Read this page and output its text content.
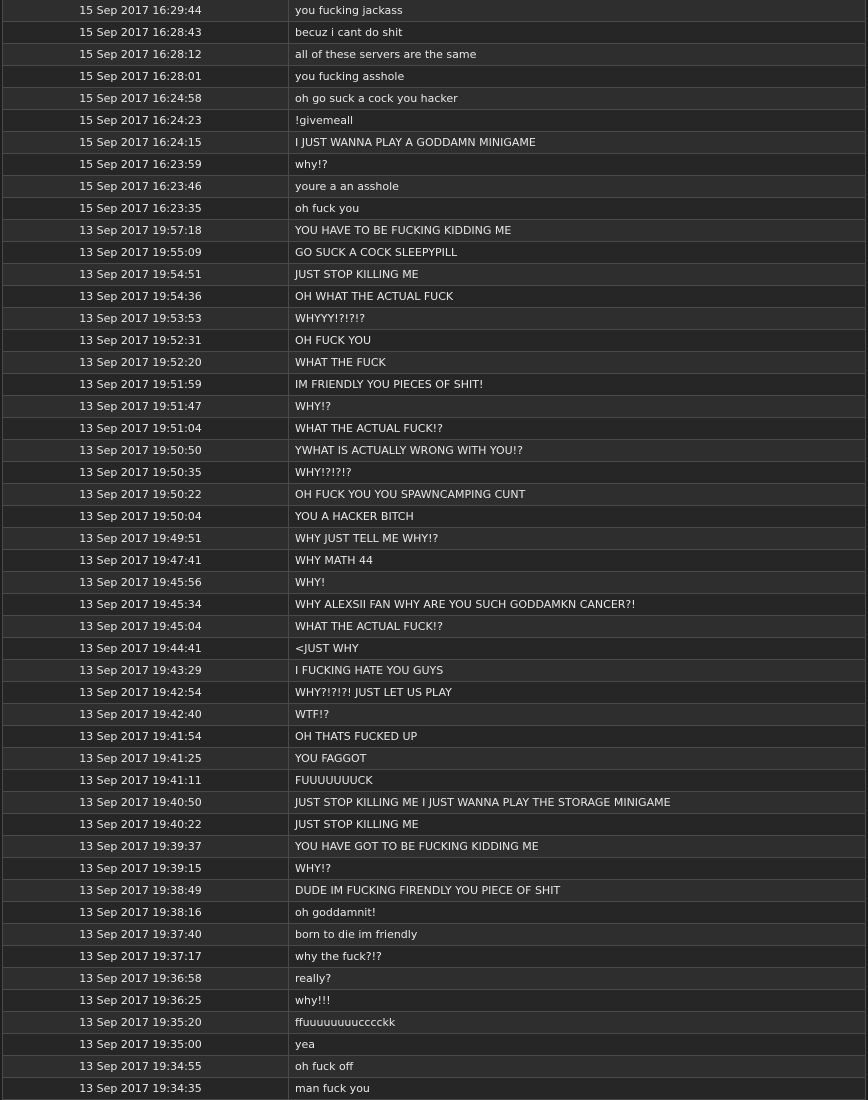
15 Sep 2017 16:29:44	you fucking jackass
15 Sep 2017 16:28:43	becuz i cant do shit
15 Sep 2017 16:28:12	all of these servers are the same
15 Sep 2017 16:28:01	you fucking asshole
15 Sep 2017 16:24:58	oh go suck a cock you hacker
15 Sep 2017 16:24:23	!givemeall
15 Sep 2017 16:24:15	I JUST WANNA PLAY A GODDAMN MINIGAME
15 Sep 2017 16:23:59	why!?
15 Sep 2017 16:23:46	youre a an asshole
15 Sep 2017 16:23:35	oh fuck you
13 Sep 2017 19:57:18	YOU HAVE TO BE FUCKING KIDDING ME
13 Sep 2017 19:55:09	GO SUCK A COCK SLEEPYPILL
13 Sep 2017 19:54:51	JUST STOP KILLING ME
13 Sep 2017 19:54:36	OH WHAT THE ACTUAL FUCK
13 Sep 2017 19:53:53	WHYYY!?!?!?
13 Sep 2017 19:52:31	OH FUCK YOU
13 Sep 2017 19:52:20	WHAT THE FUCK
13 Sep 2017 19:51:59	IM FRIENDLY YOU PIECES OF SHIT!
13 Sep 2017 19:51:47	WHY!?
13 Sep 2017 19:51:04	WHAT THE ACTUAL FUCK!?
13 Sep 2017 19:50:50	YWHAT IS ACTUALLY WRONG WITH YOU!?
13 Sep 2017 19:50:35	WHY!?!?!?
13 Sep 2017 19:50:22	OH FUCK YOU YOU SPAWNCAMPING CUNT
13 Sep 2017 19:50:04	YOU A HACKER BITCH
13 Sep 2017 19:49:51	WHY JUST TELL ME WHY!?
13 Sep 2017 19:47:41	WHY MATH 44
13 Sep 2017 19:45:56	WHY!
13 Sep 2017 19:45:34	WHY ALEXSII FAN WHY ARE YOU SUCH GODDAMKN CANCER?!
13 Sep 2017 19:45:04	WHAT THE ACTUAL FUCK!?
13 Sep 2017 19:44:41	<JUST WHY
13 Sep 2017 19:43:29	I FUCKING HATE YOU GUYS
13 Sep 2017 19:42:54	WHY?!?!?! JUST LET US PLAY
13 Sep 2017 19:42:40	WTF!?
13 Sep 2017 19:41:54	OH THATS FUCKED UP
13 Sep 2017 19:41:25	YOU FAGGOT
13 Sep 2017 19:41:11	FUUUUUUUCK
13 Sep 2017 19:40:50	JUST STOP KILLING ME I JUST WANNA PLAY THE STORAGE MINIGAME
13 Sep 2017 19:40:22	JUST STOP KILLING ME
13 Sep 2017 19:39:37	YOU HAVE GOT TO BE FUCKING KIDDING ME
13 Sep 2017 19:39:15	WHY!?
13 Sep 2017 19:38:49	DUDE IM FUCKING FIRENDLY YOU PIECE OF SHIT
13 Sep 2017 19:38:16	oh goddamnit!
13 Sep 2017 19:37:40	born to die im friendly
13 Sep 2017 19:37:17	why the fuck?!?
13 Sep 2017 19:36:58	really?
13 Sep 2017 19:36:25	why!!!
13 Sep 2017 19:35:20	ffuuuuuuuucccckk
13 Sep 2017 19:35:00	yea
13 Sep 2017 19:34:55	oh fuck off
13 Sep 2017 19:34:35	man fuck you
